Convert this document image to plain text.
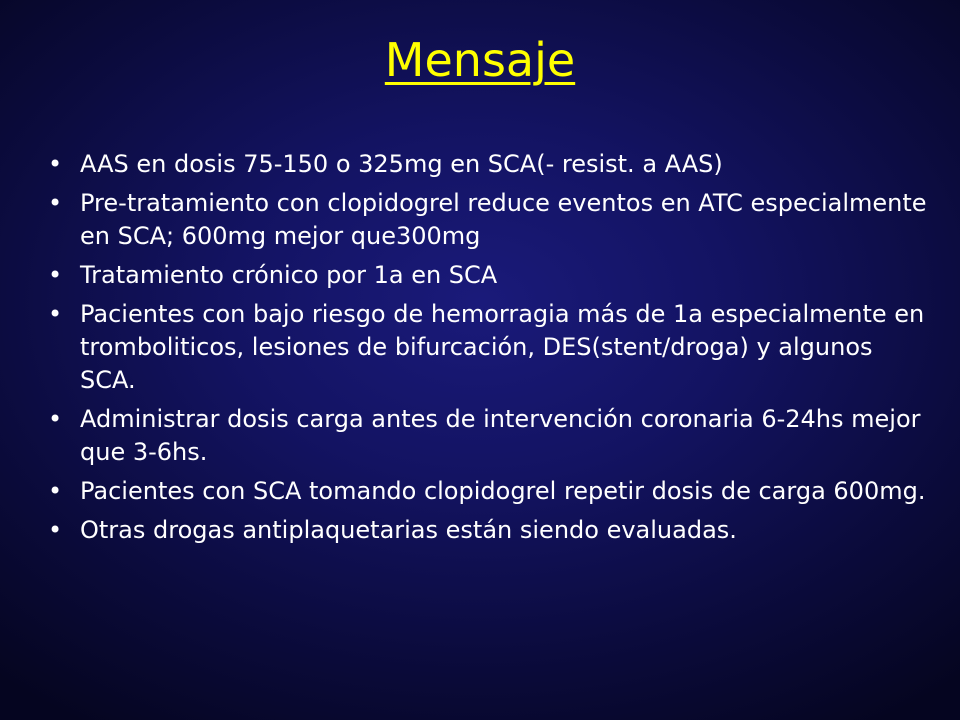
Mensaje
• AAS en dosis 75-150 o 325mg en SCA(- resist. a AAS)
• Pre-tratamiento con clopidogrel reduce eventos en ATC especialmente en SCA; 600mg mejor que300mg
• Tratamiento crónico por 1a en SCA
• Pacientes con bajo riesgo de hemorragia más de 1a especialmente en tromboliticos, lesiones de bifurcación, DES(stent/droga) y algunos SCA.
• Administrar dosis carga antes de intervención coronaria 6-24hs mejor que 3-6hs.
• Pacientes con SCA tomando clopidogrel repetir dosis de carga 600mg.
• Otras drogas antiplaquetarias están siendo evaluadas.
